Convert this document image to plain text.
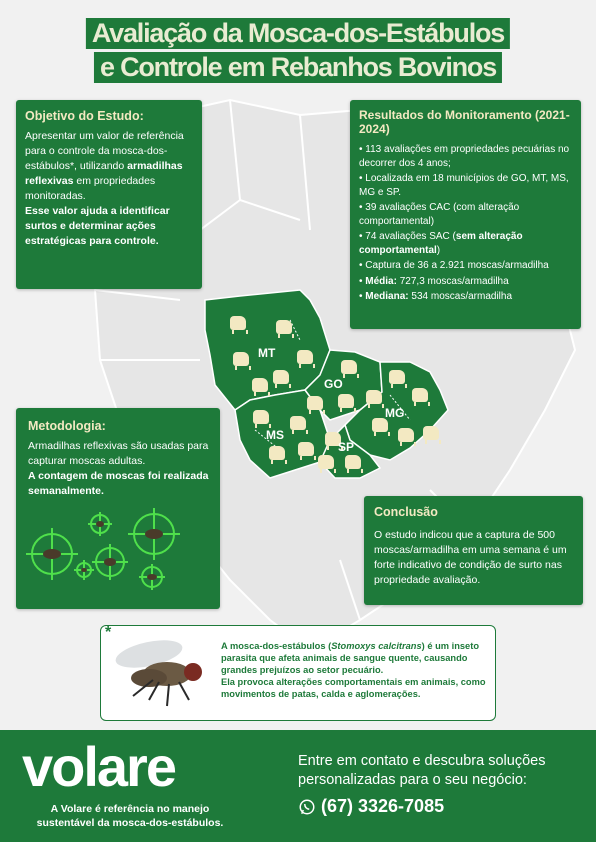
Avaliação da Mosca-dos-Estábulos
e Controle em Rebanhos Bovinos
MT
GO
MG
MS
SP
Objetivo do Estudo:

Apresentar um valor de referência para o controle da mosca-dos-estábulos*, utilizando armadilhas reflexivas em propriedades monitoradas.

Esse valor ajuda a identificar surtos e determinar ações estratégicas para controle.

Resultados do Monitoramento (2021-2024)
• 113 avaliações em propriedades pecuárias no decorrer dos 4 anos;
• Localizada em 18 municípios de GO, MT, MS, MG e SP.
• 39 avaliações CAC (com alteração comportamental)
• 74 avaliações SAC (sem alteração comportamental)
• Captura de 36 a 2.921 moscas/armadilha
• Média: 727,3 moscas/armadilha
• Mediana: 534 moscas/armadilha
Metodologia:

Armadilhas reflexivas são usadas para capturar moscas adultas.

A contagem de moscas foi realizada semanalmente.

Conclusão

O estudo indicou que a captura de 500 moscas/armadilha em uma semana é um forte indicativo de condição de surto nas propriedade avaliação.

*
A mosca-dos-estábulos (Stomoxys calcitrans) é um inseto parasita que afeta animais de sangue quente, causando grandes prejuízos ao setor pecuário.
Ela provoca alterações comportamentais em animais, como movimentos de patas, calda e aglomerações.
volare
A Volare é referência no manejo sustentável da mosca-dos-estábulos.
Entre em contato e descubra soluções personalizadas para o seu negócio:
(67) 3326-7085
